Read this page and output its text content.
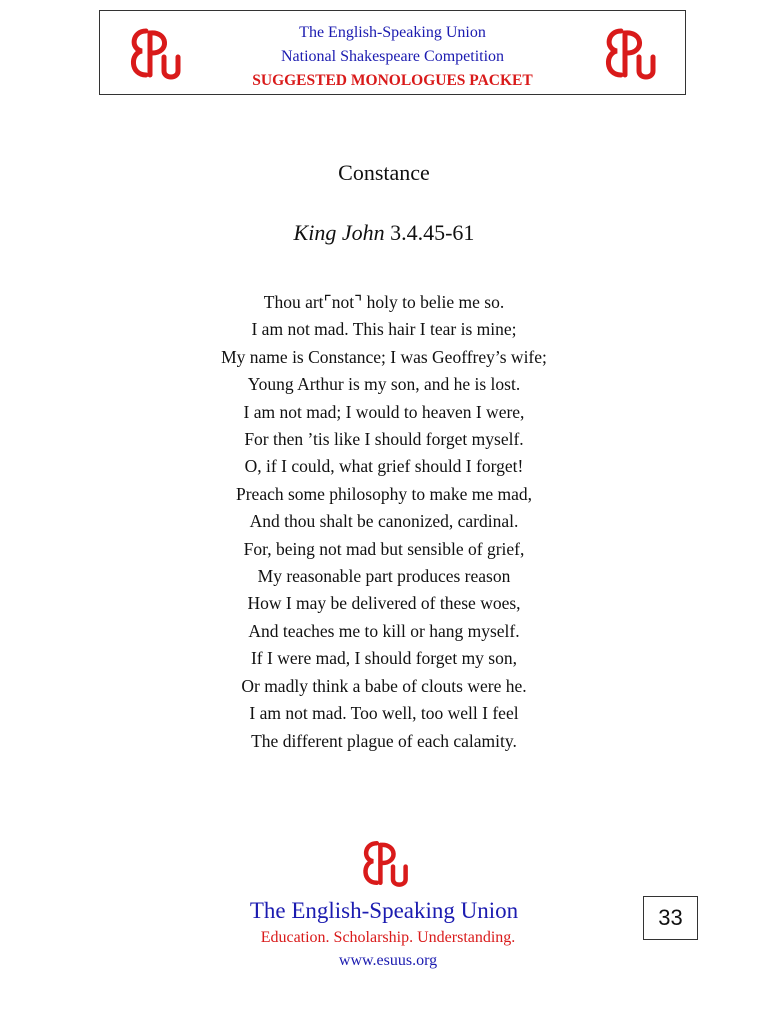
The English-Speaking Union
National Shakespeare Competition
SUGGESTED MONOLOGUES PACKET
Constance
King John 3.4.45-61
Thou art⌜not⌝ holy to belie me so.
I am not mad. This hair I tear is mine;
My name is Constance; I was Geoffrey’s wife;
Young Arthur is my son, and he is lost.
I am not mad; I would to heaven I were,
For then ’tis like I should forget myself.
O, if I could, what grief should I forget!
Preach some philosophy to make me mad,
And thou shalt be canonized, cardinal.
For, being not mad but sensible of grief,
My reasonable part produces reason
How I may be delivered of these woes,
And teaches me to kill or hang myself.
If I were mad, I should forget my son,
Or madly think a babe of clouts were he.
I am not mad. Too well, too well I feel
The different plague of each calamity.
The English-Speaking Union
Education. Scholarship. Understanding.
www.esuus.org
33
